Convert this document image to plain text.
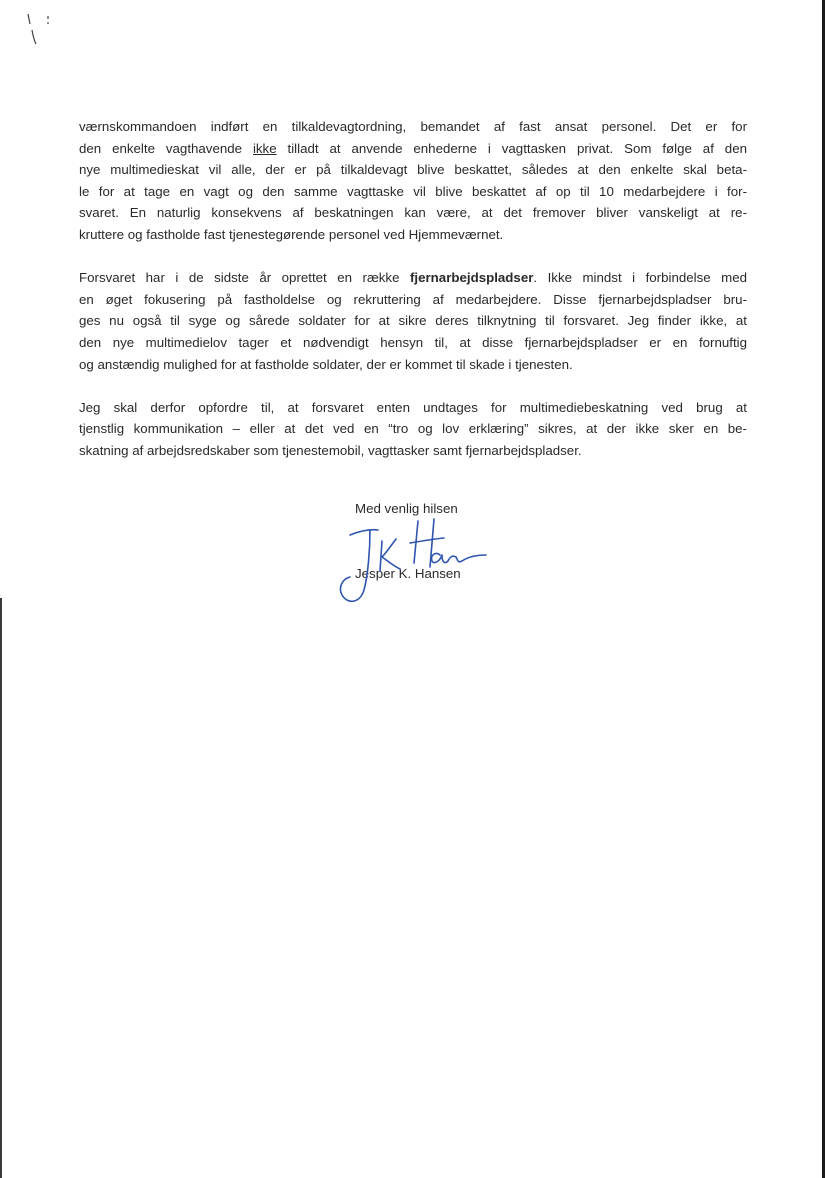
værnskommandoen indført en tilkaldevagtordning, bemandet af fast ansat personel. Det er for
den enkelte vagthavende ikke tilladt at anvende enhederne i vagttasken privat. Som følge af den
nye multimedieskat vil alle, der er på tilkaldevagt blive beskattet, således at den enkelte skal beta-
le for at tage en vagt og den samme vagttaske vil blive beskattet af op til 10 medarbejdere i for-
svaret. En naturlig konsekvens af beskatningen kan være, at det fremover bliver vanskeligt at re-
kruttere og fastholde fast tjenestegørende personel ved Hjemmeværnet.

Forsvaret har i de sidste år oprettet en række fjernarbejdspladser. Ikke mindst i forbindelse med
en øget fokusering på fastholdelse og rekruttering af medarbejdere. Disse fjernarbejdspladser bru-
ges nu også til syge og sårede soldater for at sikre deres tilknytning til forsvaret. Jeg finder ikke, at
den nye multimedielov tager et nødvendigt hensyn til, at disse fjernarbejdspladser er en fornuftig
og anstændig mulighed for at fastholde soldater, der er kommet til skade i tjenesten.

Jeg skal derfor opfordre til, at forsvaret enten undtages for multimediebeskatning ved brug at
tjenstlig kommunikation – eller at det ved en “tro og lov erklæring” sikres, at der ikke sker en be-
skatning af arbejdsredskaber som tjenestemobil, vagttasker samt fjernarbejdspladser.

Med venlig hilsen
Jesper K. Hansen
